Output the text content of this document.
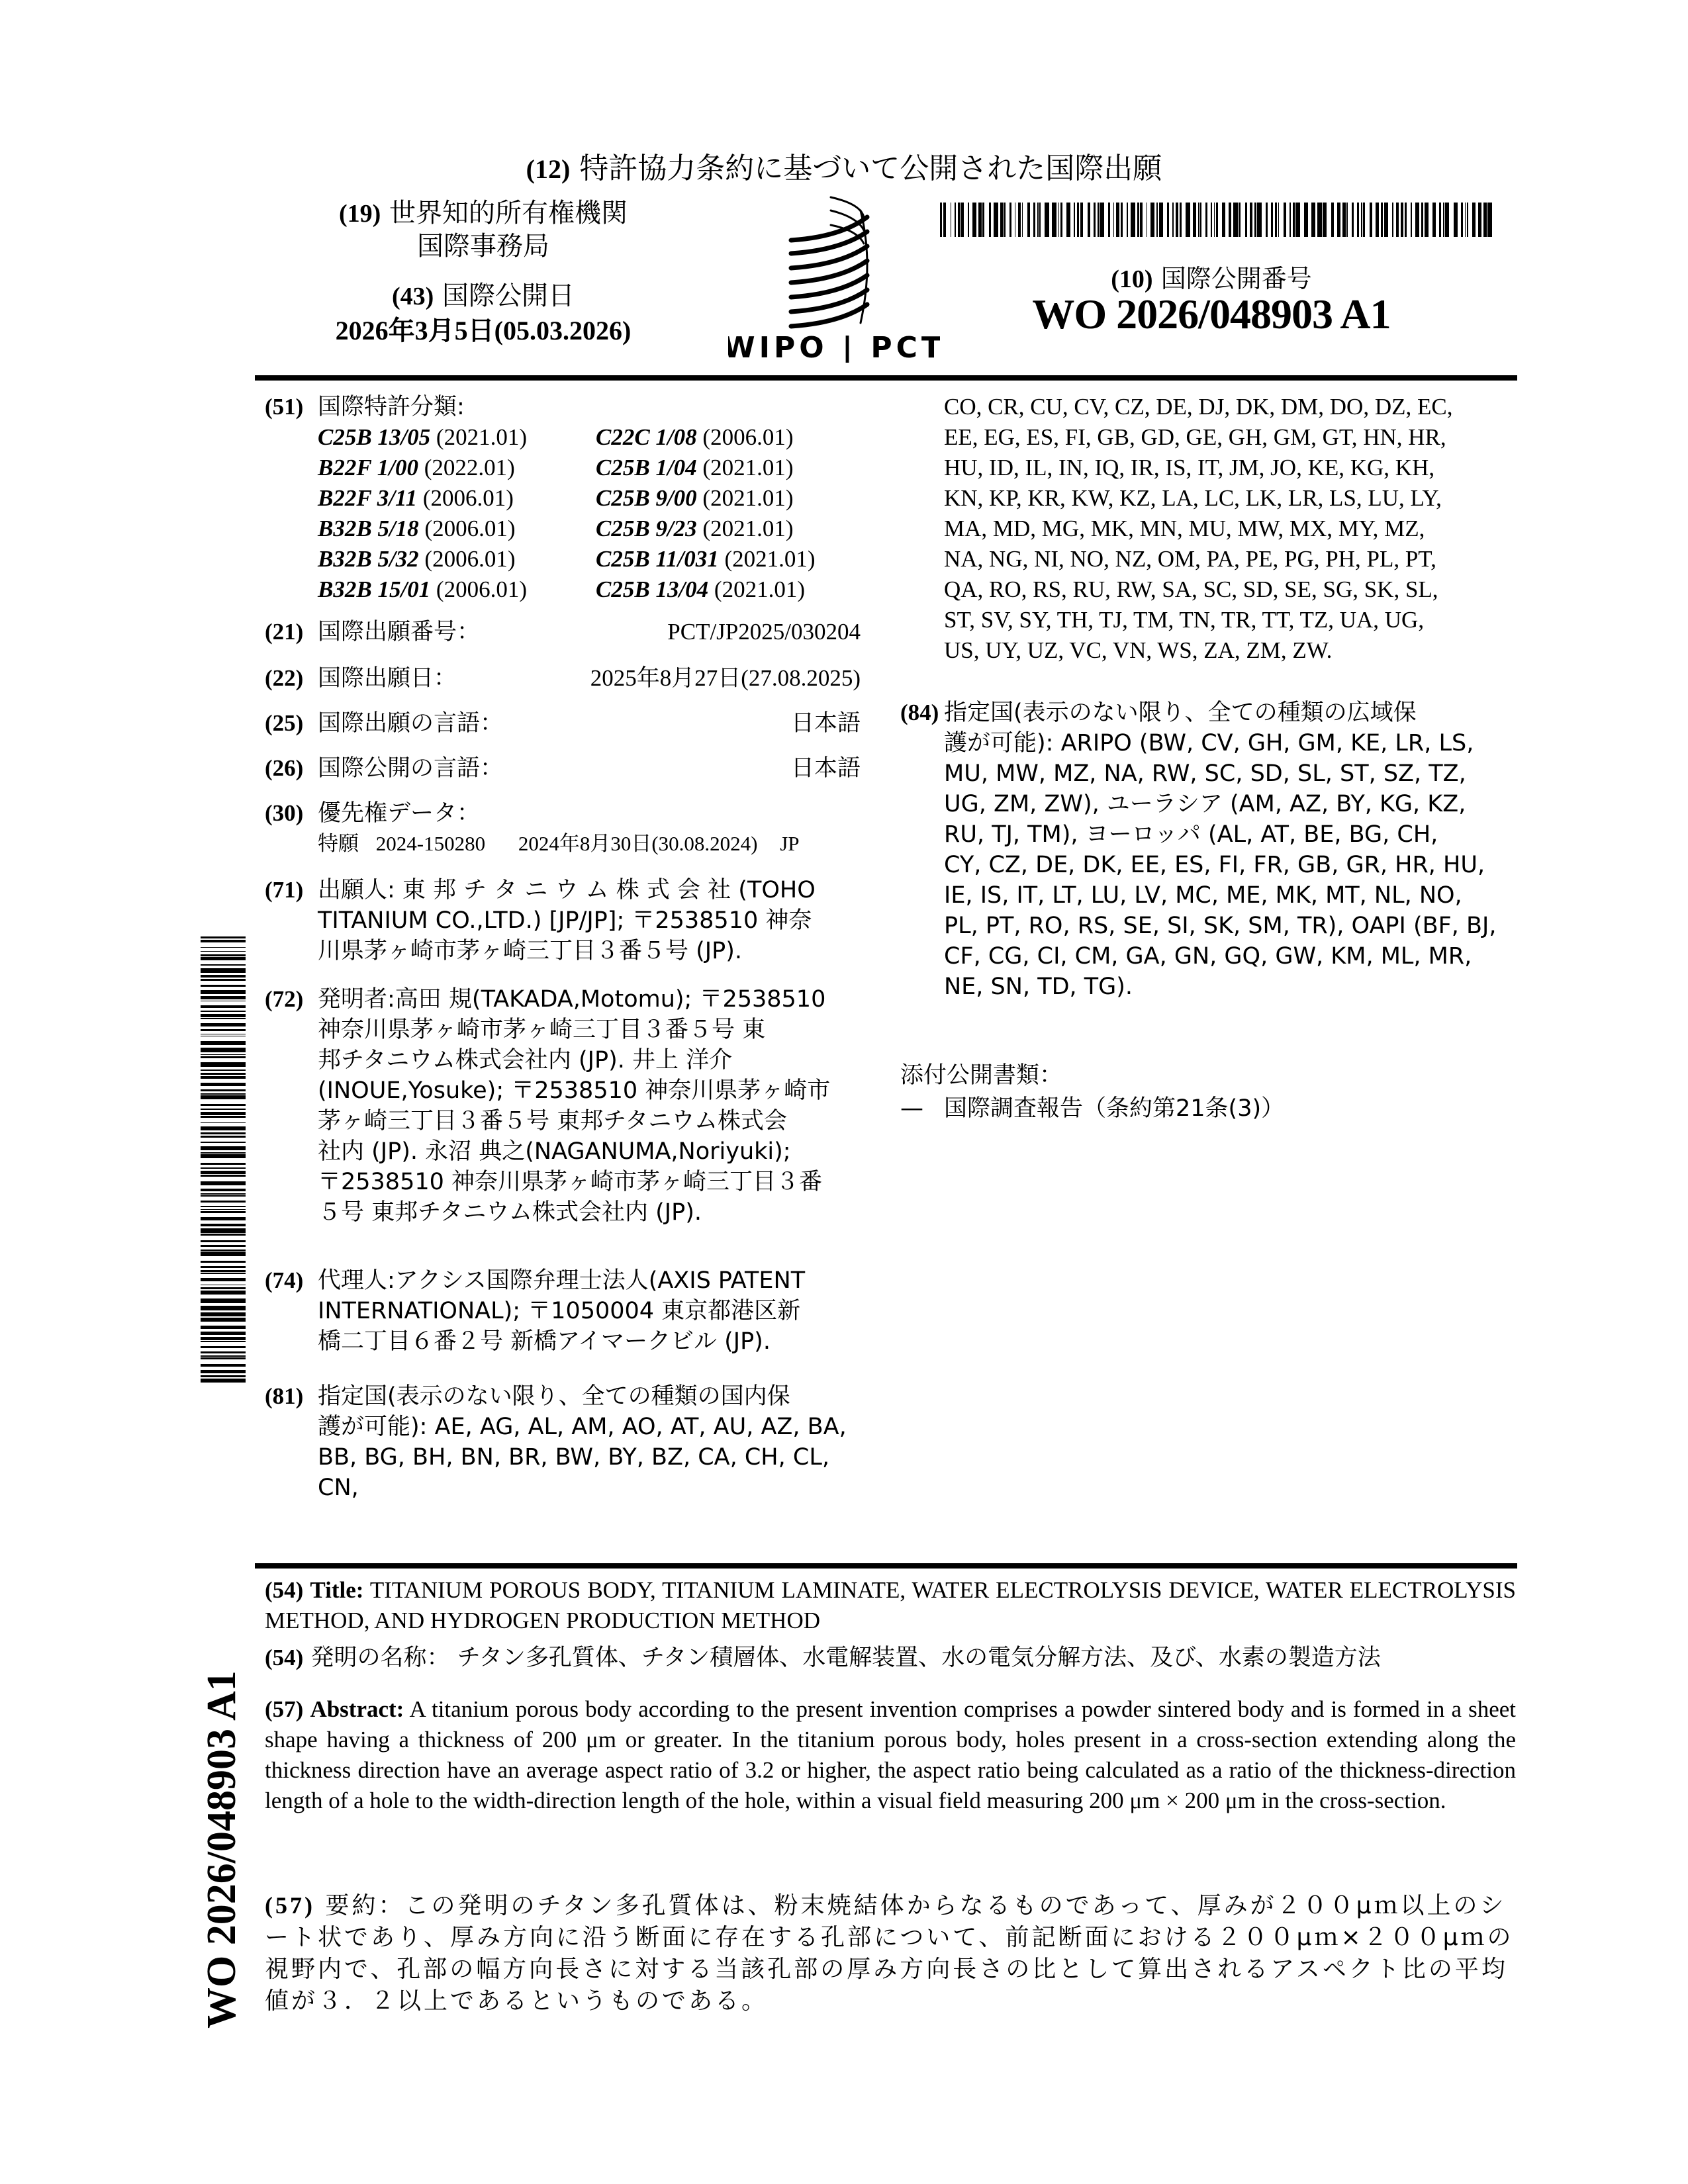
(12) 特許協力条約に基づいて公開された国際出願
(19) 世界知的所有権機関
国際事務局
(43) 国際公開日
2026年3月5日(05.03.2026)
WIPO | PCT
(10) 国際公開番号
WO 2026/048903 A1
(51) 国際特許分類:
C25B 13/05 (2021.01)	C22C 1/08 (2006.01)
B22F 1/00 (2022.01)	C25B 1/04 (2021.01)
B22F 3/11 (2006.01)	C25B 9/00 (2021.01)
B32B 5/18 (2006.01)	C25B 9/23 (2021.01)
B32B 5/32 (2006.01)	C25B 11/031 (2021.01)
B32B 15/01 (2006.01)	C25B 13/04 (2021.01)
(21) 国際出願番号：	PCT/JP2025/030204
(22) 国際出願日：	2025年8月27日(27.08.2025)
(25) 国際出願の言語：	日本語
(26) 国際公開の言語：	日本語
(30) 優先権データ：
特願 2024-150280 2024年8月30日(30.08.2024) JP
(71) 出願人: 東 邦 チ タ ニ ウ ム 株 式 会 社 (TOHO
TITANIUM CO.,LTD.) [JP/JP]; 〒2538510 神奈
川県茅ヶ崎市茅ヶ崎三丁目３番５号 (JP).
(72) 発明者:高田 規(TAKADA,Motomu); 〒2538510
神奈川県茅ヶ崎市茅ヶ崎三丁目３番５号 東
邦チタニウム株式会社内 (JP). 井上 洋介
(INOUE,Yosuke); 〒2538510 神奈川県茅ヶ崎市
茅ヶ崎三丁目３番５号 東邦チタニウム株式会
社内 (JP). 永沼 典之(NAGANUMA,Noriyuki);
〒2538510 神奈川県茅ヶ崎市茅ヶ崎三丁目３番
５号 東邦チタニウム株式会社内 (JP).
(74) 代理人:アクシス国際弁理士法人(AXIS PATENT
INTERNATIONAL); 〒1050004 東京都港区新
橋二丁目６番２号 新橋アイマークビル (JP).
(81) 指定国(表示のない限り、全ての種類の国内保
護が可能): AE, AG, AL, AM, AO, AT, AU, AZ, BA,
BB, BG, BH, BN, BR, BW, BY, BZ, CA, CH, CL, CN,
CO, CR, CU, CV, CZ, DE, DJ, DK, DM, DO, DZ, EC,
EE, EG, ES, FI, GB, GD, GE, GH, GM, GT, HN, HR,
HU, ID, IL, IN, IQ, IR, IS, IT, JM, JO, KE, KG, KH,
KN, KP, KR, KW, KZ, LA, LC, LK, LR, LS, LU, LY,
MA, MD, MG, MK, MN, MU, MW, MX, MY, MZ,
NA, NG, NI, NO, NZ, OM, PA, PE, PG, PH, PL, PT,
QA, RO, RS, RU, RW, SA, SC, SD, SE, SG, SK, SL,
ST, SV, SY, TH, TJ, TM, TN, TR, TT, TZ, UA, UG,
US, UY, UZ, VC, VN, WS, ZA, ZM, ZW.
(84) 指定国(表示のない限り、全ての種類の広域保
護が可能): ARIPO (BW, CV, GH, GM, KE, LR, LS,
MU, MW, MZ, NA, RW, SC, SD, SL, ST, SZ, TZ,
UG, ZM, ZW), ユーラシア (AM, AZ, BY, KG, KZ,
RU, TJ, TM), ヨーロッパ (AL, AT, BE, BG, CH,
CY, CZ, DE, DK, EE, ES, FI, FR, GB, GR, HR, HU,
IE, IS, IT, LT, LU, LV, MC, ME, MK, MT, NL, NO,
PL, PT, RO, RS, SE, SI, SK, SM, TR), OAPI (BF, BJ,
CF, CG, CI, CM, GA, GN, GQ, GW, KM, ML, MR,
NE, SN, TD, TG).
添付公開書類：
— 国際調査報告（条約第21条(3)）
WO 2026/048903 A1
(54) Title: TITANIUM POROUS BODY, TITANIUM LAMINATE, WATER ELECTROLYSIS DEVICE, WATER ELECTROLYSIS METHOD, AND HYDROGEN PRODUCTION METHOD
(54) 発明の名称： チタン多孔質体、チタン積層体、水電解装置、水の電気分解方法、及び、水素の製造方法
(57) Abstract: A titanium porous body according to the present invention comprises a powder sintered body and is formed in a sheet shape having a thickness of 200 μm or greater. In the titanium porous body, holes present in a cross-section extending along the thickness direction have an average aspect ratio of 3.2 or higher, the aspect ratio being calculated as a ratio of the thickness-direction length of a hole to the width-direction length of the hole, within a visual field measuring 200 μm × 200 μm in the cross-section.
(57) 要約：この発明のチタン多孔質体は、粉末焼結体からなるものであって、厚みが２００μｍ以上のシート状であり、厚み方向に沿う断面に存在する孔部について、前記断面における２００μｍ×２００μｍの視野内で、孔部の幅方向長さに対する当該孔部の厚み方向長さの比として算出されるアスペクト比の平均値が３．２以上であるというものである。
